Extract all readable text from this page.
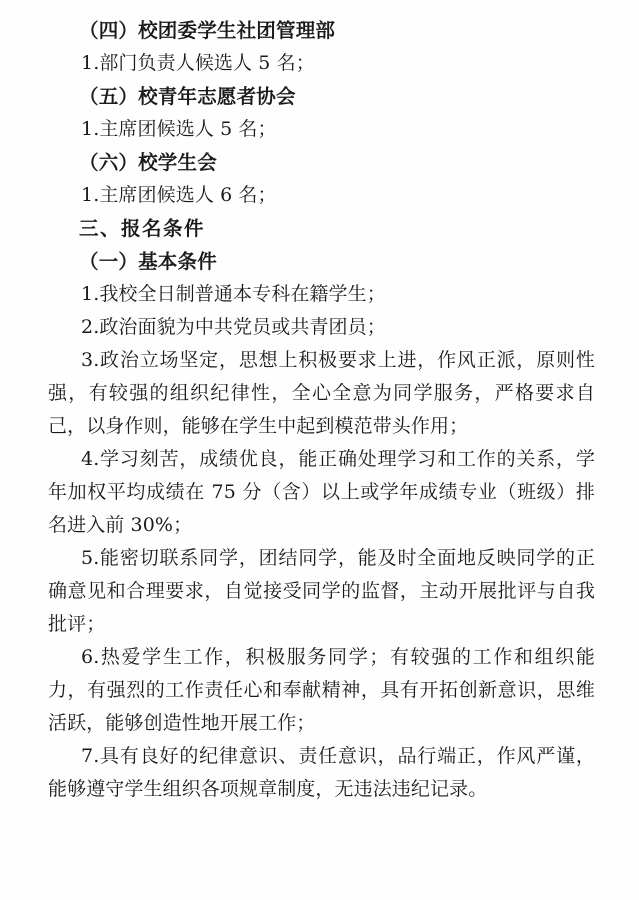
（四）校团委学生社团管理部

1.部门负责人候选人 5 名；

（五）校青年志愿者协会

1.主席团候选人 5 名；

（六）校学生会

1.主席团候选人 6 名；

三、报名条件

（一）基本条件

1.我校全日制普通本专科在籍学生；

2.政治面貌为中共党员或共青团员；

3.政治立场坚定，思想上积极要求上进，作风正派，原则性强，有较强的组织纪律性，全心全意为同学服务，严格要求自己，以身作则，能够在学生中起到模范带头作用；

4.学习刻苦，成绩优良，能正确处理学习和工作的关系，学年加权平均成绩在 75 分（含）以上或学年成绩专业（班级）排名进入前 30%；

5.能密切联系同学，团结同学，能及时全面地反映同学的正确意见和合理要求，自觉接受同学的监督，主动开展批评与自我批评；

6.热爱学生工作，积极服务同学；有较强的工作和组织能力，有强烈的工作责任心和奉献精神，具有开拓创新意识，思维活跃，能够创造性地开展工作；

7.具有良好的纪律意识、责任意识，品行端正，作风严谨，能够遵守学生组织各项规章制度，无违法违纪记录。
